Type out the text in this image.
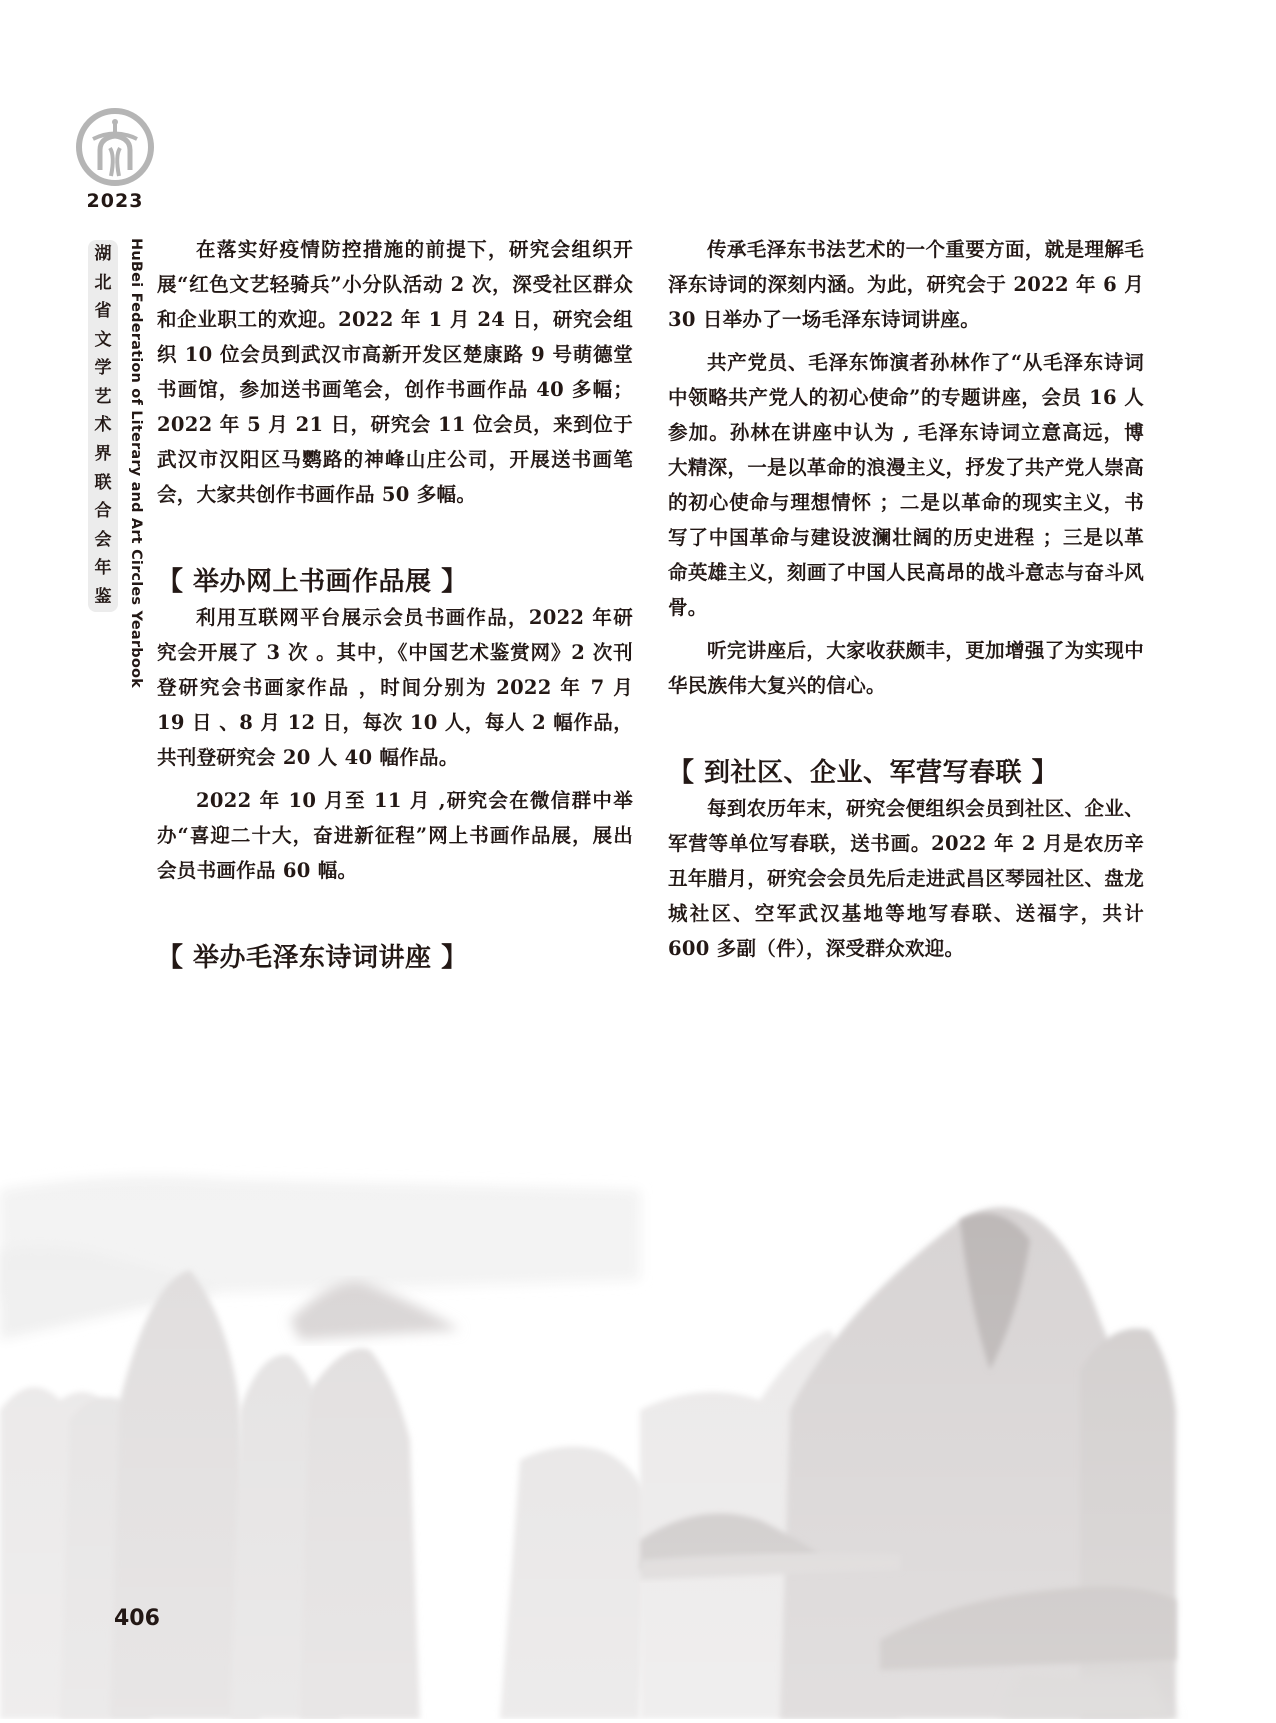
2023
湖
北
省
文
学
艺
术
界
联
合
会
年
鉴 HuBei Federation of Literary and Art Circles Yearbook	在落实好疫情防控措施的前提下，研究会组织开展“红色文艺轻骑兵”小分队活动 2 次，深受社区群众和企业职工的欢迎。2022 年 1 月 24 日，研究会组织 10 位会员到武汉市高新开发区楚康路 9 号萌德堂书画馆，参加送书画笔会，创作书画作品 40 多幅；2022 年 5 月 21 日，研究会 11 位会员，来到位于武汉市汉阳区马鹦路的神峰山庄公司，开展送书画笔会，大家共创作书画作品 50 多幅。

【 举办网上书画作品展 】

利用互联网平台展示会员书画作品，2022 年研究会开展了 3 次 。其中，《中国艺术鉴赏网》2 次刊登研究会书画家作品 ，时间分别为 2022 年 7 月 19 日 、8 月 12 日，每次 10 人，每人 2 幅作品，共刊登研究会 20 人 40 幅作品。

2022 年 10 月至 11 月 ,研究会在微信群中举办“喜迎二十大，奋进新征程”网上书画作品展，展出会员书画作品 60 幅。

【 举办毛泽东诗词讲座 】

传承毛泽东书法艺术的一个重要方面，就是理解毛泽东诗词的深刻内涵。为此，研究会于 2022 年 6 月 30 日举办了一场毛泽东诗词讲座。

共产党员、毛泽东饰演者孙林作了“从毛泽东诗词中领略共产党人的初心使命”的专题讲座，会员 16 人参加。孙林在讲座中认为 , 毛泽东诗词立意高远，博大精深，一是以革命的浪漫主义，抒发了共产党人崇高的初心使命与理想情怀 ；二是以革命的现实主义，书写了中国革命与建设波澜壮阔的历史进程 ；三是以革命英雄主义，刻画了中国人民高昂的战斗意志与奋斗风骨。

听完讲座后，大家收获颇丰，更加增强了为实现中华民族伟大复兴的信心。

【 到社区、企业、军营写春联 】

每到农历年末，研究会便组织会员到社区、企业、军营等单位写春联，送书画。2022 年 2 月是农历辛丑年腊月，研究会会员先后走进武昌区琴园社区、盘龙城社区、空军武汉基地等地写春联、送福字，共计 600 多副（件），深受群众欢迎。

406
